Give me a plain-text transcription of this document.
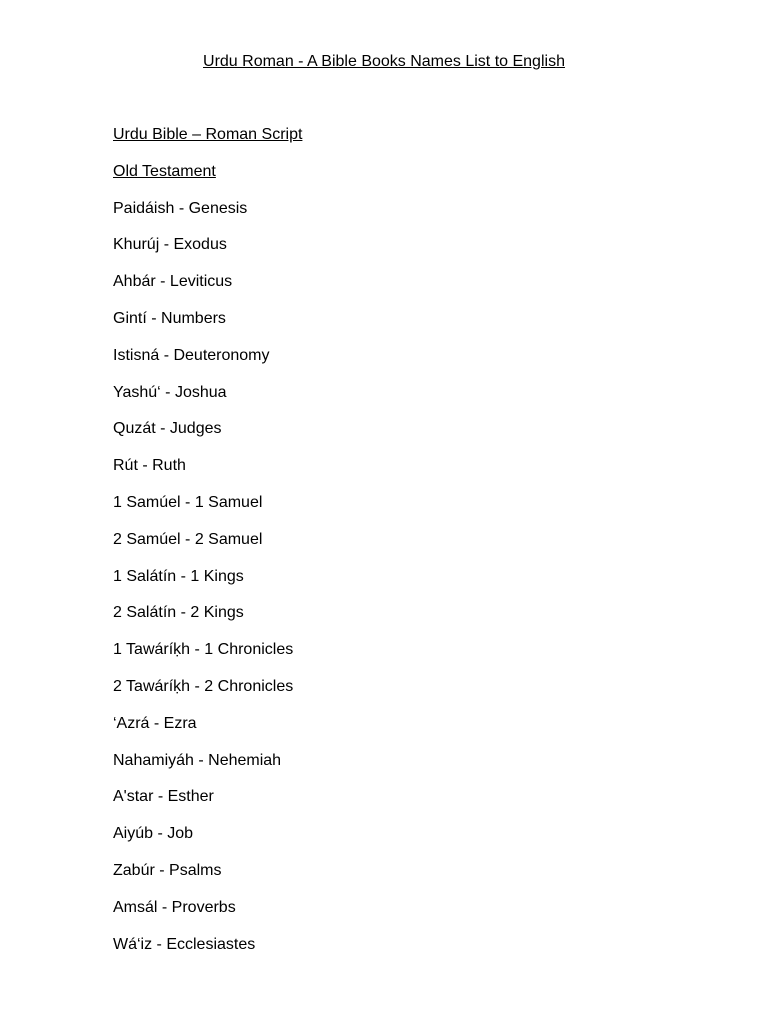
Urdu Roman - A Bible Books Names List to English
Urdu Bible – Roman Script
Old Testament
Paidáish - Genesis
Khurúj - Exodus
Ahbár - Leviticus
Gintí - Numbers
Istisná - Deuteronomy
Yashú‘ - Joshua
Quzát - Judges
Rút - Ruth
1 Samúel - 1 Samuel
2 Samúel - 2 Samuel
1 Salátín - 1 Kings
2 Salátín - 2 Kings
1 Tawáríḳh - 1 Chronicles
2 Tawáríḳh - 2 Chronicles
‘Azrá - Ezra
Nahamiyáh - Nehemiah
A'star - Esther
Aiyúb - Job
Zabúr - Psalms
Amsál - Proverbs
Wá‘iz - Ecclesiastes
